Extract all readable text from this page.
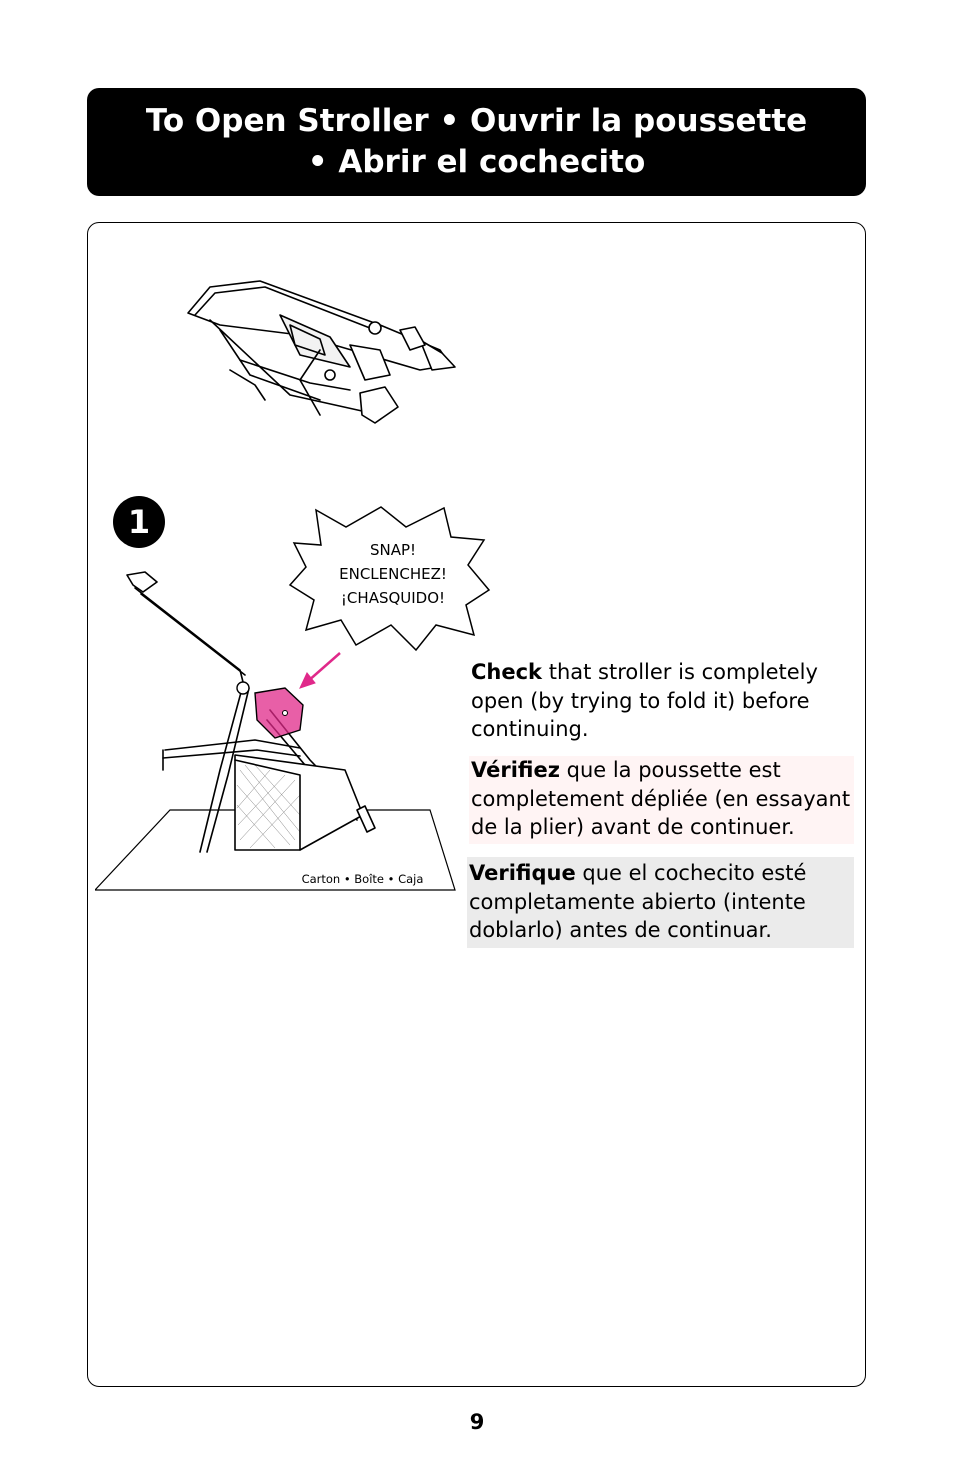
To Open Stroller • Ouvrir la poussette
• Abrir el cochecito
1
SNAP!
ENCLENCHEZ!
¡CHASQUIDO!
Carton • Boîte • Caja
Check that stroller is completely open (by trying to fold it) before continuing.
Vérifiez que la poussette est completement dépliée (en essayant de la plier) avant de continuer.
Verifique que el cochecito esté completamente abierto (intente doblarlo) antes de continuar.
9
